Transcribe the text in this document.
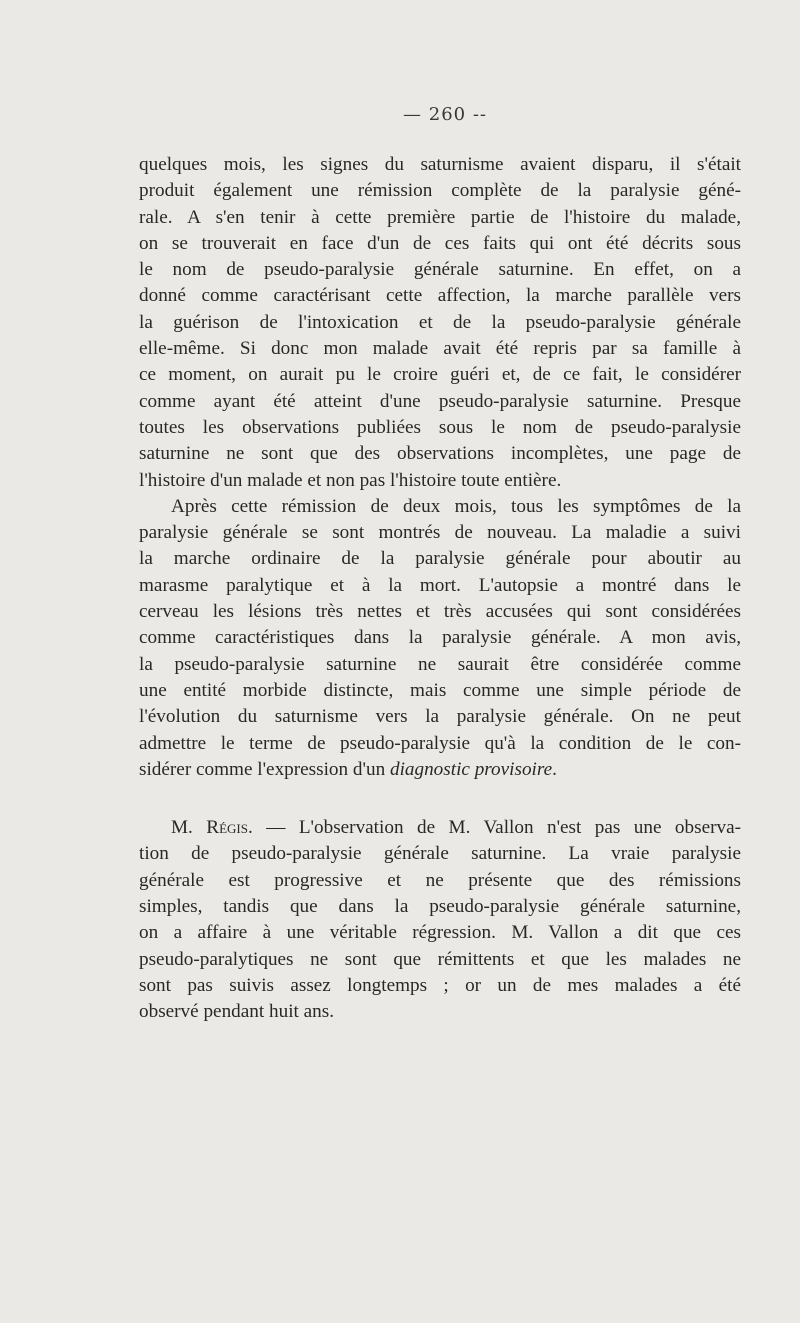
— 260 --
quelques mois, les signes du saturnisme avaient disparu, il s'était
produit également une rémission complète de la paralysie géné-
rale. A s'en tenir à cette première partie de l'histoire du malade,
on se trouverait en face d'un de ces faits qui ont été décrits sous
le nom de pseudo-paralysie générale saturnine. En effet, on a
donné comme caractérisant cette affection, la marche parallèle vers
la guérison de l'intoxication et de la pseudo-paralysie générale
elle-même. Si donc mon malade avait été repris par sa famille à
ce moment, on aurait pu le croire guéri et, de ce fait, le considérer
comme ayant été atteint d'une pseudo-paralysie saturnine. Presque
toutes les observations publiées sous le nom de pseudo-paralysie
saturnine ne sont que des observations incomplètes, une page de
l'histoire d'un malade et non pas l'histoire toute entière.
Après cette rémission de deux mois, tous les symptômes de la
paralysie générale se sont montrés de nouveau. La maladie a suivi
la marche ordinaire de la paralysie générale pour aboutir au
marasme paralytique et à la mort. L'autopsie a montré dans le
cerveau les lésions très nettes et très accusées qui sont considérées
comme caractéristiques dans la paralysie générale. A mon avis,
la pseudo-paralysie saturnine ne saurait être considérée comme
une entité morbide distincte, mais comme une simple période de
l'évolution du saturnisme vers la paralysie générale. On ne peut
admettre le terme de pseudo-paralysie qu'à la condition de le con-
sidérer comme l'expression d'un diagnostic provisoire.
M. Régis. — L'observation de M. Vallon n'est pas une observa-
tion de pseudo-paralysie générale saturnine. La vraie paralysie
générale est progressive et ne présente que des rémissions
simples, tandis que dans la pseudo-paralysie générale saturnine,
on a affaire à une véritable régression. M. Vallon a dit que ces
pseudo-paralytiques ne sont que rémittents et que les malades ne
sont pas suivis assez longtemps ; or un de mes malades a été
observé pendant huit ans.
